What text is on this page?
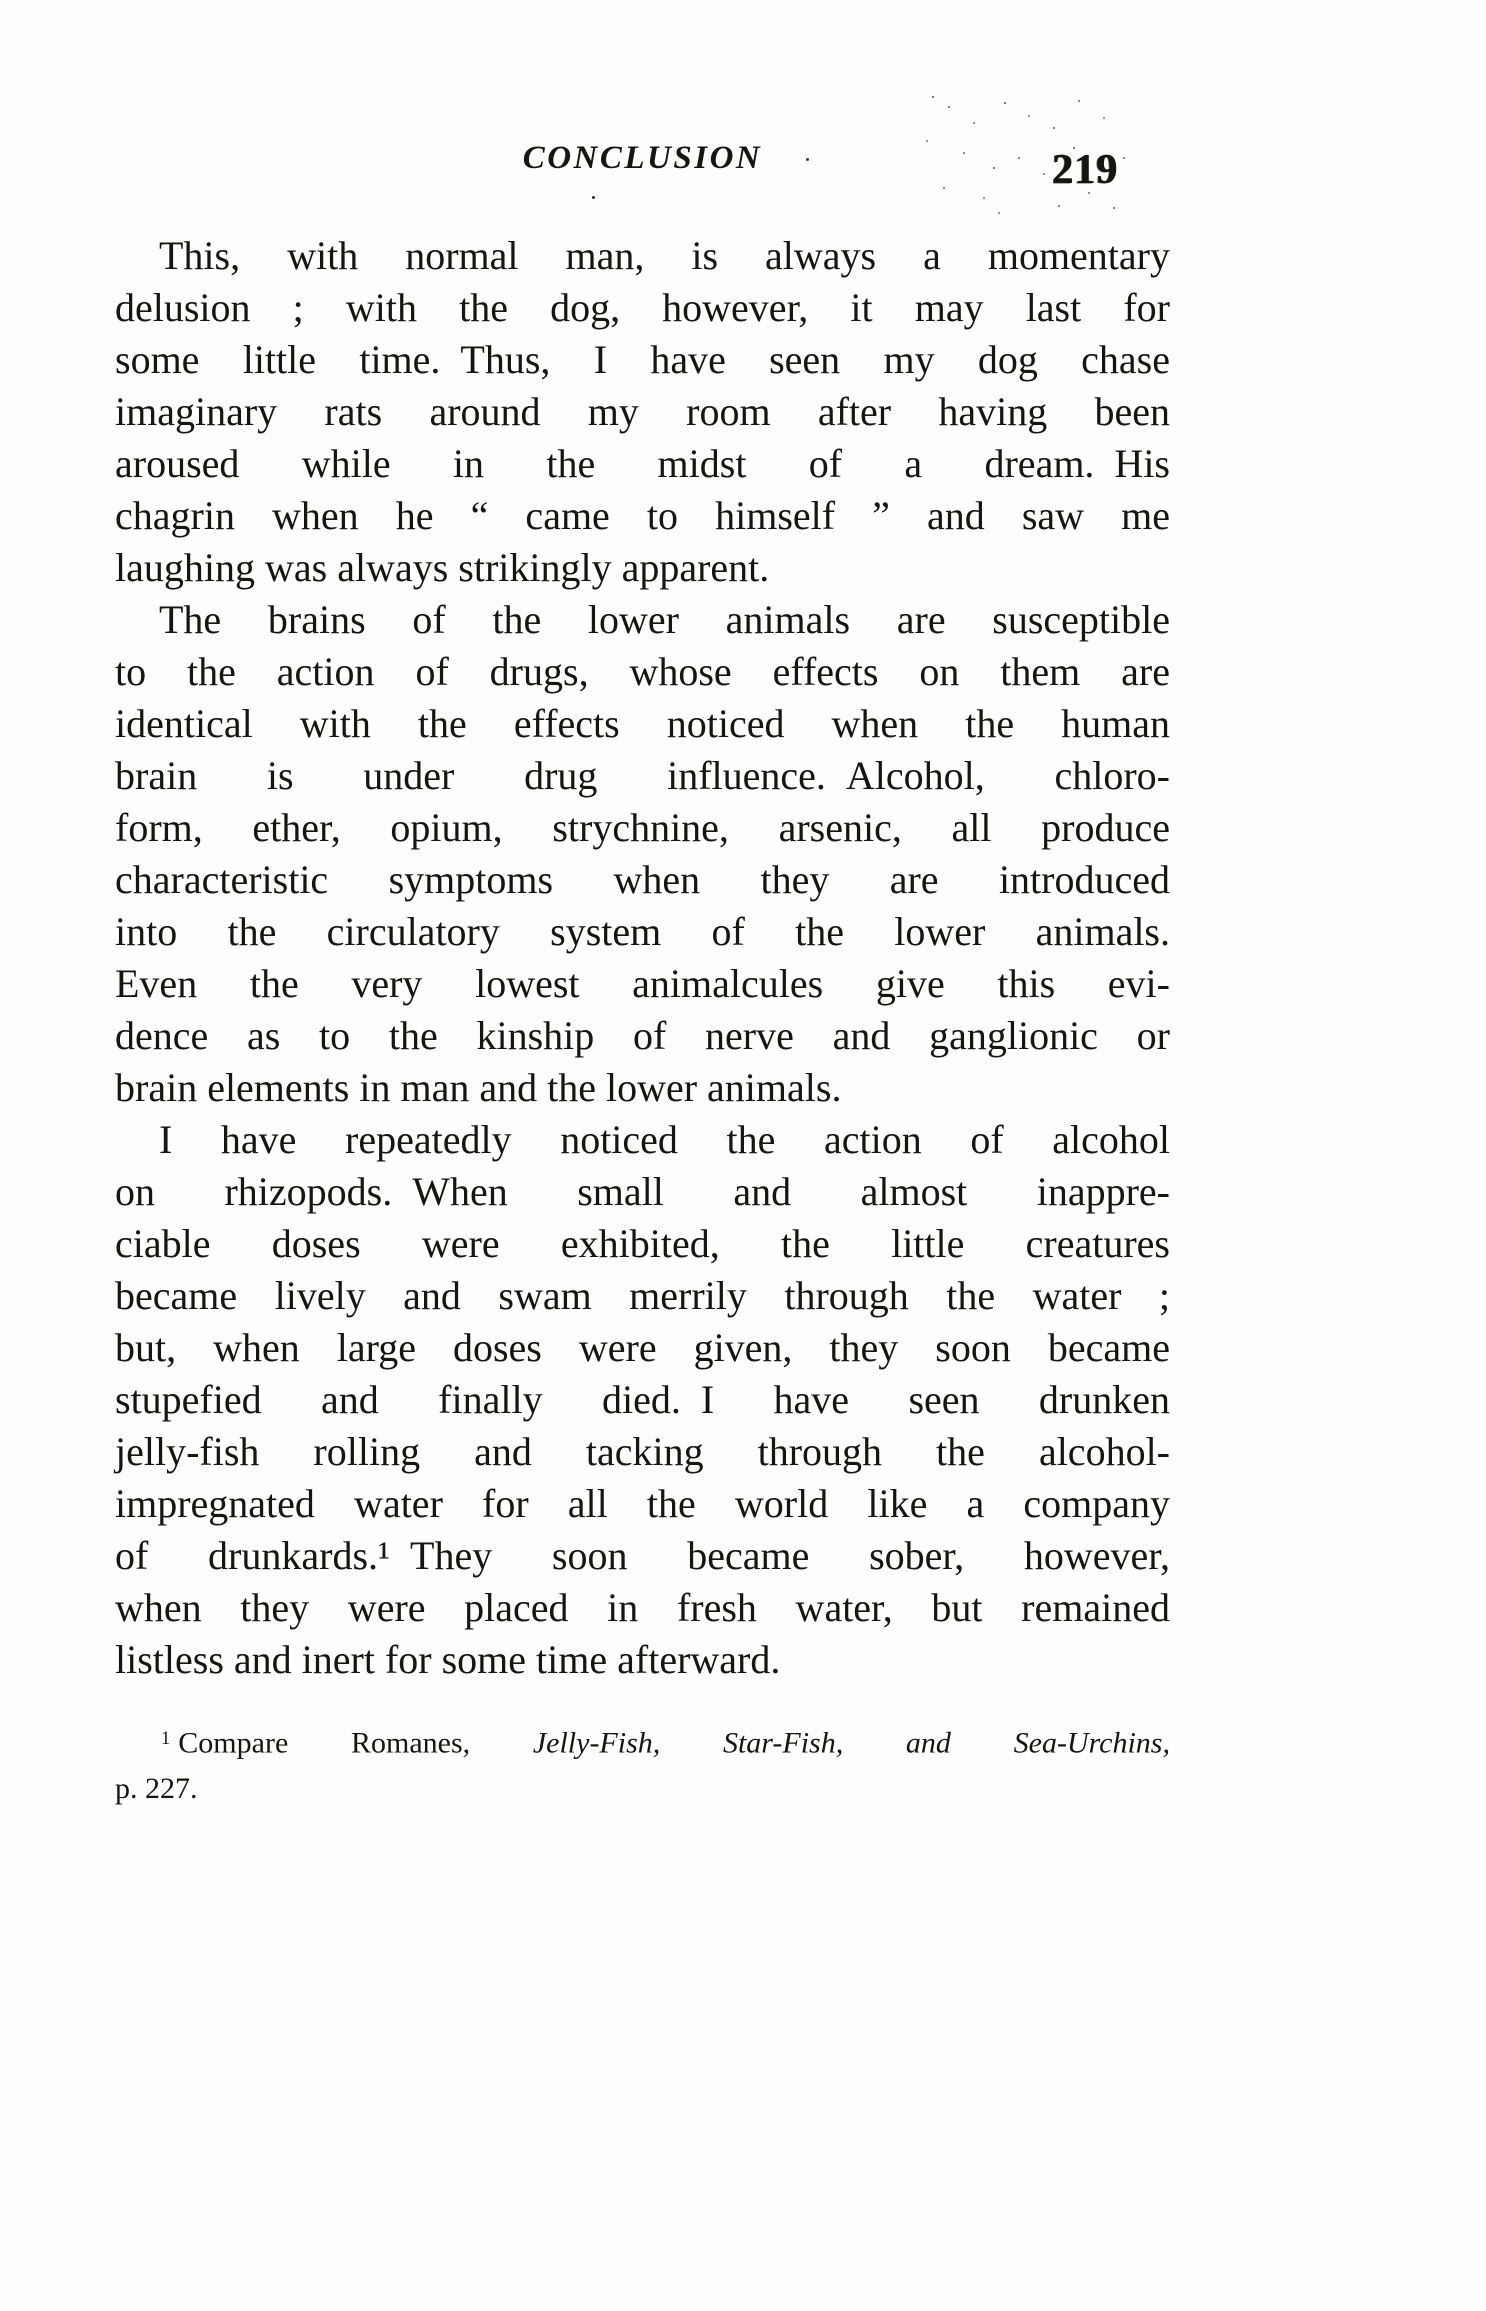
CONCLUSION	219
This, with normal man, is always a momentary
delusion ; with the dog, however, it may last for
some little time. Thus, I have seen my dog chase
imaginary rats around my room after having been
aroused while in the midst of a dream. His
chagrin when he “ came to himself ” and saw me
laughing was always strikingly apparent.
The brains of the lower animals are susceptible
to the action of drugs, whose effects on them are
identical with the effects noticed when the human
brain is under drug influence. Alcohol, chloro-
form, ether, opium, strychnine, arsenic, all produce
characteristic symptoms when they are introduced
into the circulatory system of the lower animals.
Even the very lowest animalcules give this evi-
dence as to the kinship of nerve and ganglionic or
brain elements in man and the lower animals.
I have repeatedly noticed the action of alcohol
on rhizopods. When small and almost inappre-
ciable doses were exhibited, the little creatures
became lively and swam merrily through the water ;
but, when large doses were given, they soon became
stupefied and finally died. I have seen drunken
jelly-fish rolling and tacking through the alcohol-
impregnated water for all the world like a company
of drunkards.¹ They soon became sober, however,
when they were placed in fresh water, but remained
listless and inert for some time afterward.
$^1$ Compare Romanes, Jelly-Fish, Star-Fish, and Sea-Urchins,
p. 227.
